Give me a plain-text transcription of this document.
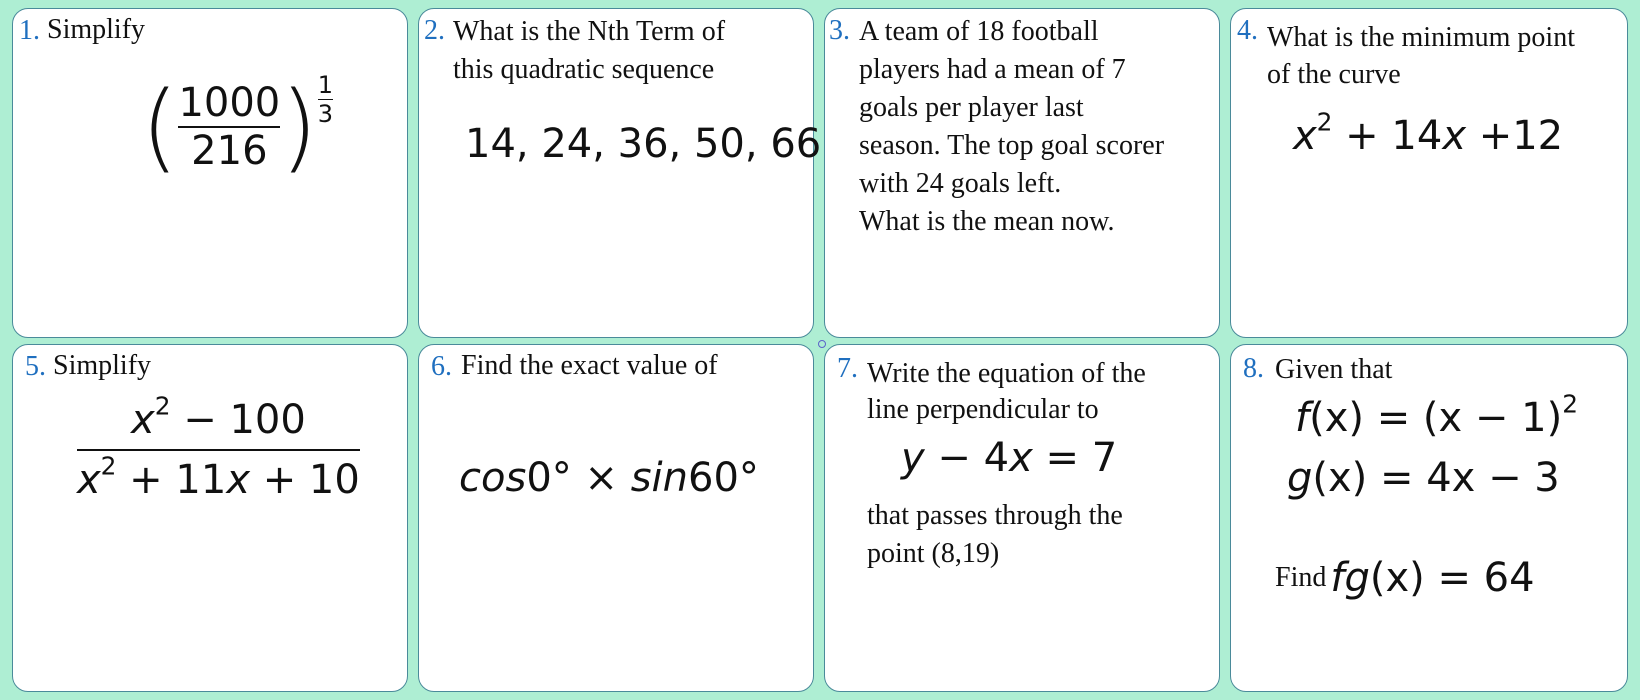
1. Simplify
( $\frac{1000}{216}$ ) $\frac{1}{3}$
2. What is the Nth Term of
this quadratic sequence
14, 24, 36, 50, 66
3. A team of 18 football
players had a mean of 7
goals per player last
season. The top goal scorer
with 24 goals left.
What is the mean now.
4. What is the minimum point
of the curve
$x^2 + 14x +12$
5. Simplify
$\frac{x^2 - 100}{x^2 + 11x + 10}$
6. Find the exact value of
cos0° × sin60°
7. Write the equation of the
line perpendicular to
y − 4x = 7
that passes through the
point (8,19)
8. Given that
$f(x) = (x - 1)^2$
g(x) = 4x − 3
Find fg(x) = 64
